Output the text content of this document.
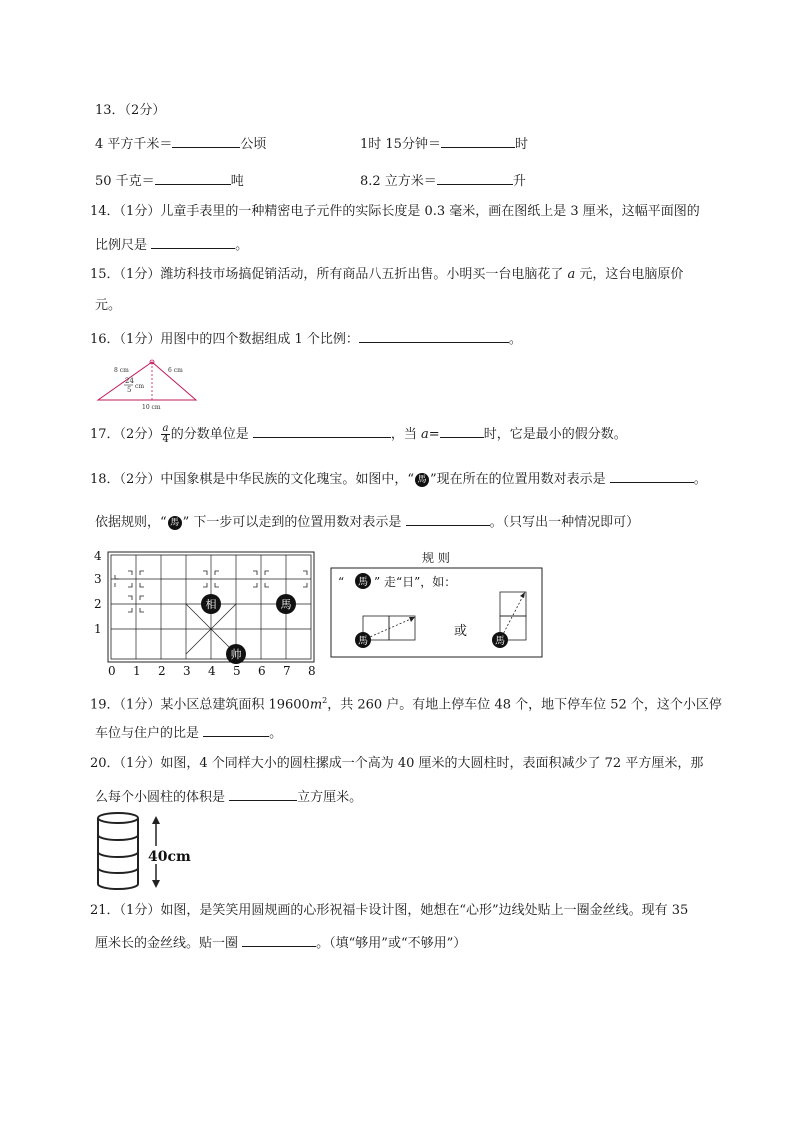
13．（2分）
4 平方千米＝	公顷	1时 15分钟＝	时
50 千克＝	吨	8.2 立方米＝	升
14．（1分）儿童手表里的一种精密电子元件的实际长度是 0.3 毫米，画在图纸上是 3 厘米，这幅平面图的
比例尺是	。
15．（1分）潍坊科技市场搞促销活动，所有商品八五折出售。小明买一台电脑花了 a 元，这台电脑原价
元。
16．（1分）用图中的四个数据组成 1 个比例：	。
8 cm	6 cm
24
5 cm
10 cm
17．（2分） $\frac{a}{4}$ 的分数单位是	，当 a=	时，它是最小的假分数。
18．（2分）中国象棋是中华民族的文化瑰宝。如图中，“ 馬 ”现在所在的位置用数对表示是	。
依据规则，“ 馬 ” 下一步可以走到的位置用数对表示是	。（只写出一种情况即可）
4
3
2
1
0 1 2 3 4 5 6 7 8
相	馬
帅
规 则
“ 馬 ” 走“日”，如：
馬	馬
或
19．（1分）某小区总建筑面积 $19600m^2$，共 260 户。有地上停车位 48 个，地下停车位 52 个，这个小区停
车位与住户的比是	。
20．（1分）如图，4 个同样大小的圆柱摞成一个高为 40 厘米的大圆柱时，表面积减少了 72 平方厘米，那
么每个小圆柱的体积是	立方厘米。
40cm
21．（1分）如图，是笑笑用圆规画的心形祝福卡设计图，她想在“心形”边线处贴上一圈金丝线。现有 35
厘米长的金丝线。贴一圈	。（填“够用”或“不够用”）
